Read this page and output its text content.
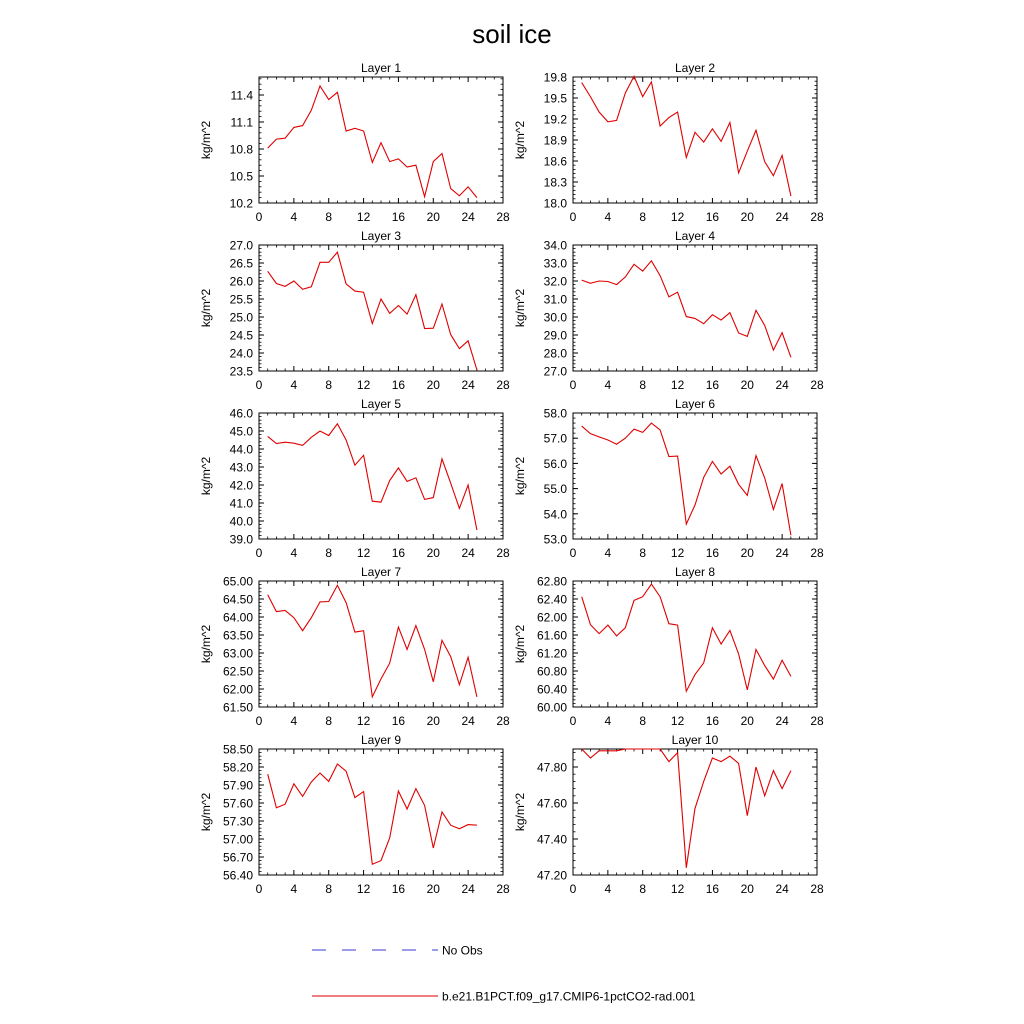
soil ice
0 4 8 12 16 20 24 28
10.2
10.5
10.8
11.1
11.4
Layer 1
kg/m^2
0 4 8 12 16 20 24 28
18.0
18.3
18.6
18.9
19.2
19.5
19.8
Layer 2
kg/m^2
0 4 8 12 16 20 24 28
23.5
24.0
24.5
25.0
25.5
26.0
26.5
27.0
Layer 3
kg/m^2
0 4 8 12 16 20 24 28
27.0
28.0
29.0
30.0
31.0
32.0
33.0
34.0
Layer 4
kg/m^2
0 4 8 12 16 20 24 28
39.0
40.0
41.0
42.0
43.0
44.0
45.0
46.0
Layer 5
kg/m^2
0 4 8 12 16 20 24 28
53.0
54.0
55.0
56.0
57.0
58.0
Layer 6
kg/m^2
0 4 8 12 16 20 24 28
61.50
62.00
62.50
63.00
63.50
64.00
64.50
65.00
Layer 7
kg/m^2
0 4 8 12 16 20 24 28
60.00
60.40
60.80
61.20
61.60
62.00
62.40
62.80
Layer 8
kg/m^2
0 4 8 12 16 20 24 28
56.40
56.70
57.00
57.30
57.60
57.90
58.20
58.50
Layer 9
kg/m^2
0 4 8 12 16 20 24 28
47.20
47.40
47.60
47.80
Layer 10
kg/m^2
No Obs
b.e21.B1PCT.f09_g17.CMIP6-1pctCO2-rad.001
